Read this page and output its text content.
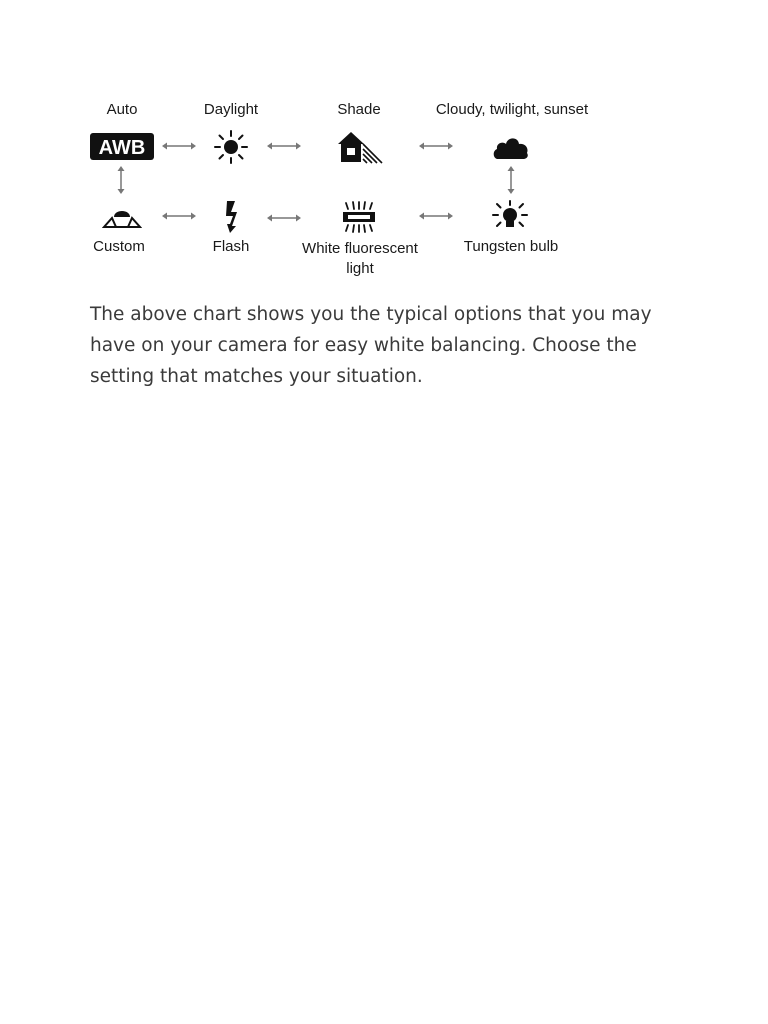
Auto	Daylight	Shade	Cloudy, twilight, sunset
AWB
Custom	Flash	White fluorescent
light
Tungsten bulb

The above chart shows you the typical options that you may have on your camera for easy white balancing. Choose the setting that matches your situation.
